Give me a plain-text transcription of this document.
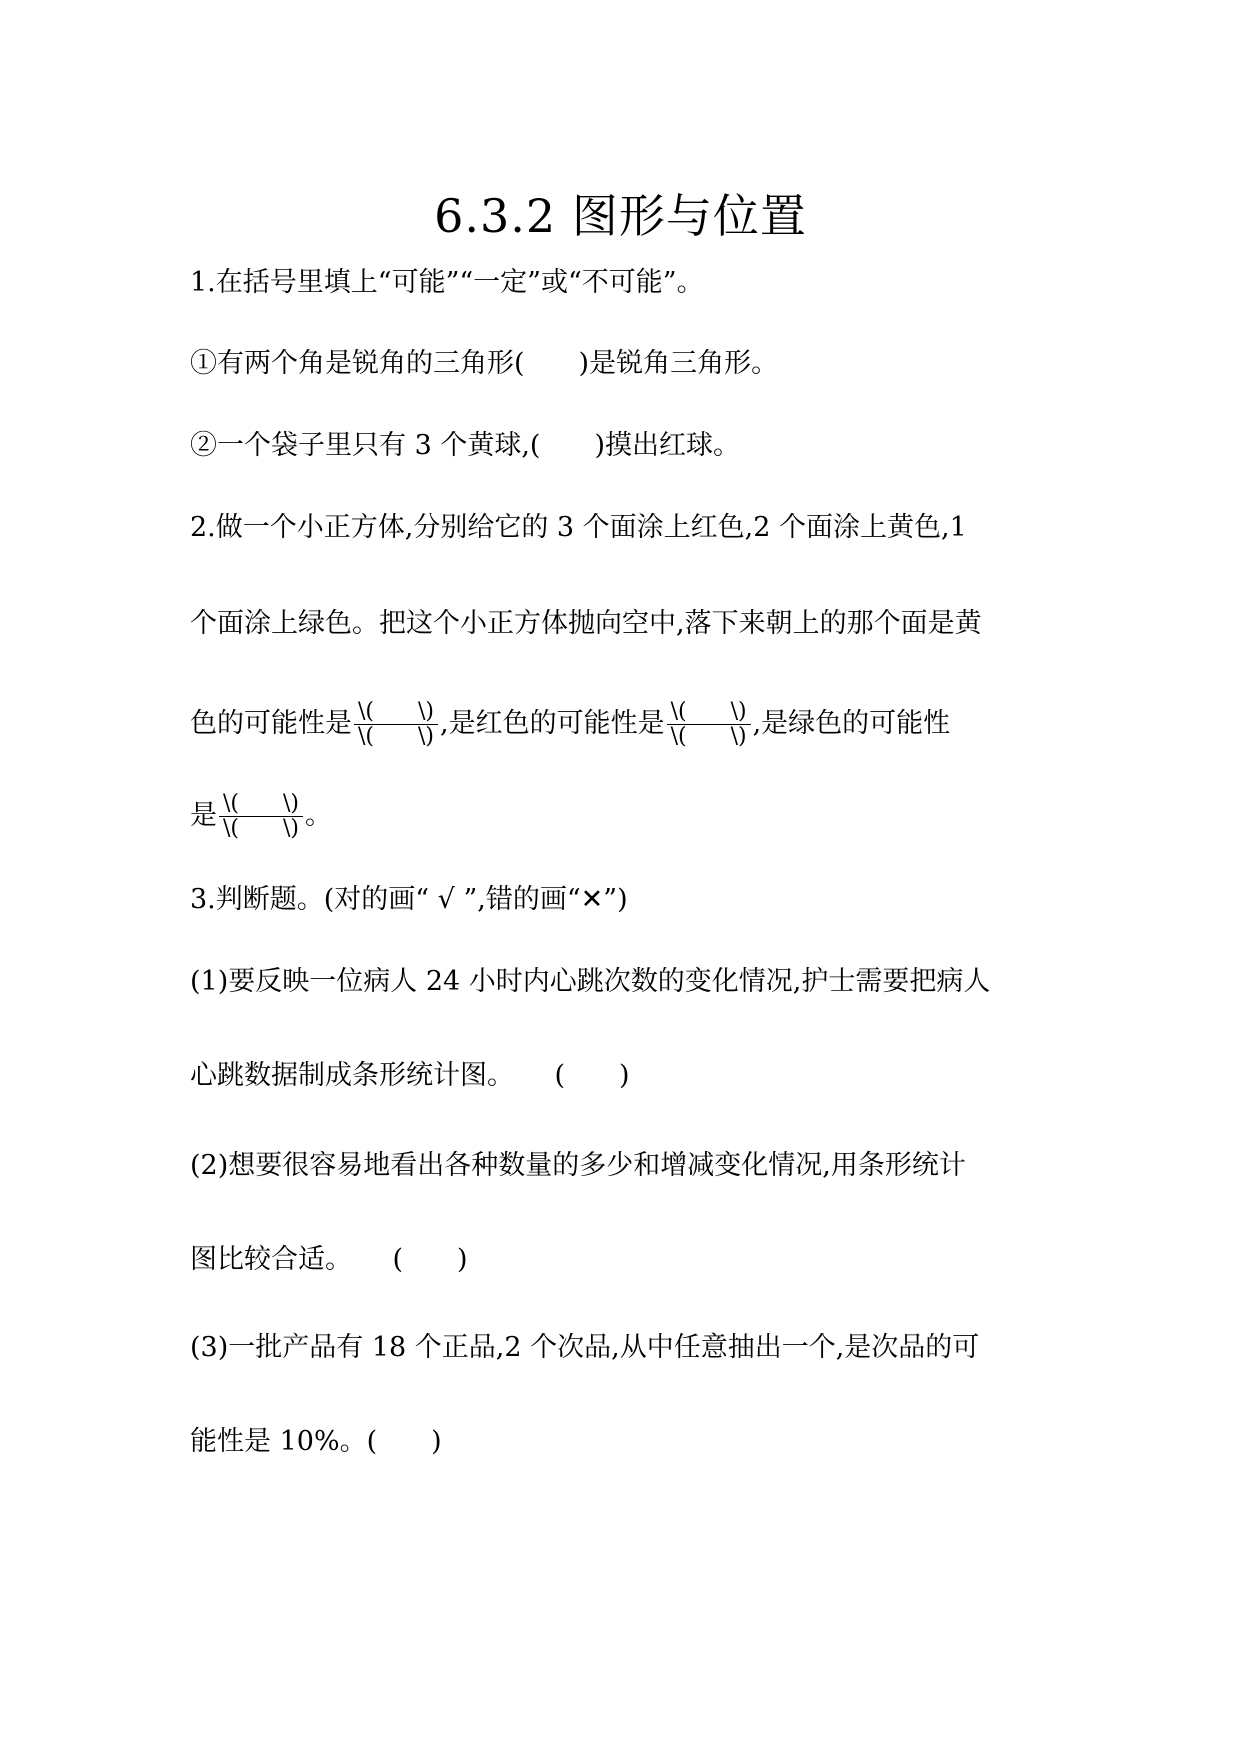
6.3.2 图形与位置
1.在括号里填上“可能”“一定”或“不可能”。
①有两个角是锐角的三角形(　　)是锐角三角形。
②一个袋子里只有 3 个黄球,(　　)摸出红球。
2.做一个小正方体,分别给它的 3 个面涂上红色,2 个面涂上黄色,1
个面涂上绿色。把这个小正方体抛向空中,落下来朝上的那个面是黄
色的可能性是 $\frac{\backslash( \backslash)}{\backslash( \backslash)}$ ,是红色的可能性是 $\frac{\backslash( \backslash)}{\backslash( \backslash)}$ ,是绿色的可能性
是 $\frac{\backslash( \backslash)}{\backslash( \backslash)}$ 。
3.判断题。(对的画“ √ ”,错的画“✕”)
(1)要反映一位病人 24 小时内心跳次数的变化情况,护士需要把病人
心跳数据制成条形统计图。　　(　　)
(2)想要很容易地看出各种数量的多少和增减变化情况,用条形统计
图比较合适。　　(　　)
(3)一批产品有 18 个正品,2 个次品,从中任意抽出一个,是次品的可
能性是 10%。(　　)
